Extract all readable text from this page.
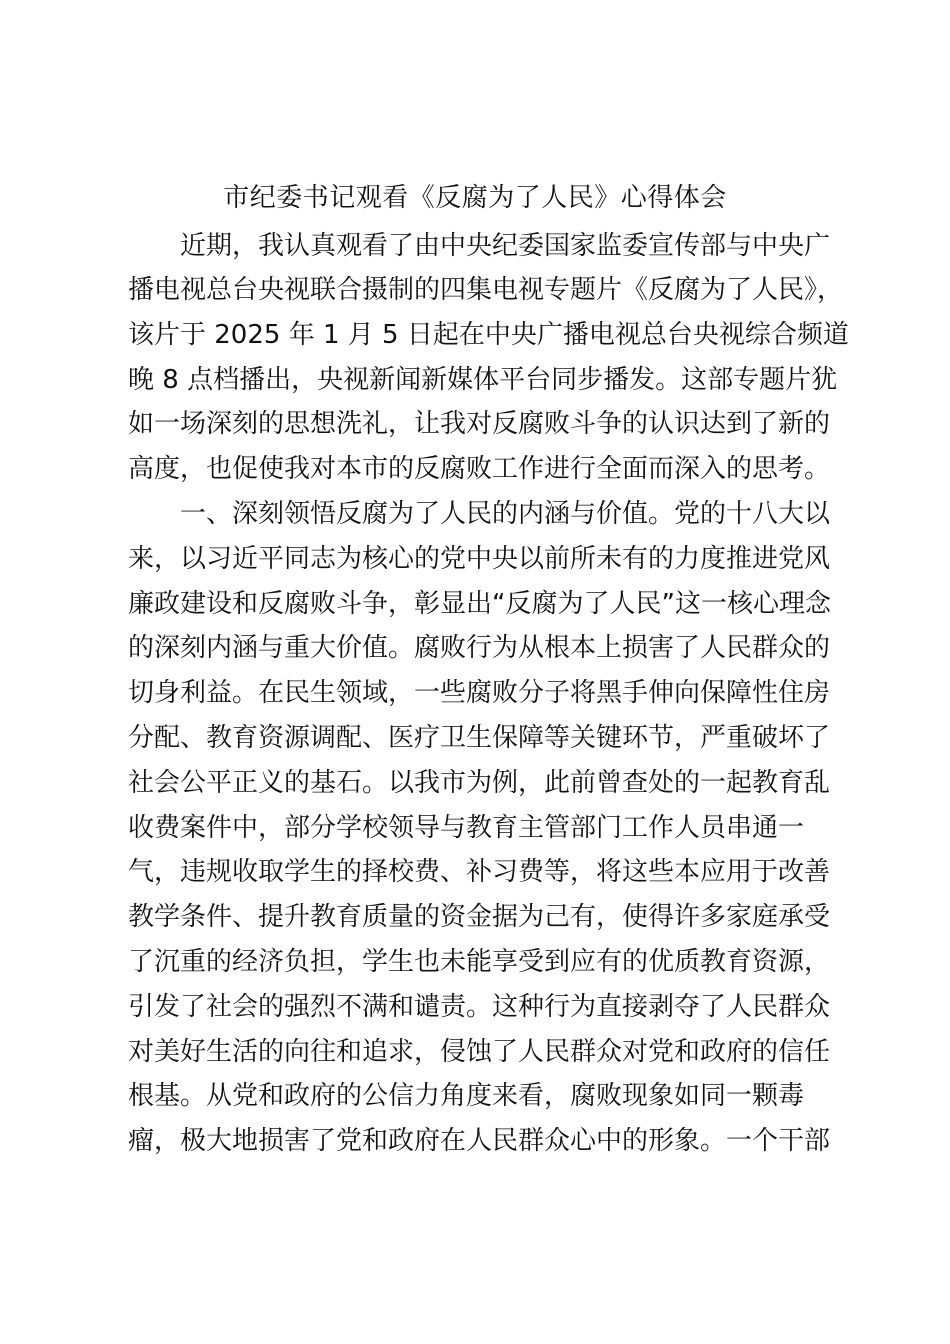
市纪委书记观看《反腐为了人民》心得体会
近期，我认真观看了由中央纪委国家监委宣传部与中央广
播电视总台央视联合摄制的四集电视专题片《反腐为了人民》，
该片于 2025 年 1 月 5 日起在中央广播电视总台央视综合频道
晚 8 点档播出，央视新闻新媒体平台同步播发。这部专题片犹
如一场深刻的思想洗礼，让我对反腐败斗争的认识达到了新的
高度，也促使我对本市的反腐败工作进行全面而深入的思考。
一、深刻领悟反腐为了人民的内涵与价值。党的十八大以
来，以习近平同志为核心的党中央以前所未有的力度推进党风
廉政建设和反腐败斗争，彰显出“反腐为了人民”这一核心理念
的深刻内涵与重大价值。腐败行为从根本上损害了人民群众的
切身利益。在民生领域，一些腐败分子将黑手伸向保障性住房
分配、教育资源调配、医疗卫生保障等关键环节，严重破坏了
社会公平正义的基石。以我市为例，此前曾查处的一起教育乱
收费案件中，部分学校领导与教育主管部门工作人员串通一
气，违规收取学生的择校费、补习费等，将这些本应用于改善
教学条件、提升教育质量的资金据为己有，使得许多家庭承受
了沉重的经济负担，学生也未能享受到应有的优质教育资源，
引发了社会的强烈不满和谴责。这种行为直接剥夺了人民群众
对美好生活的向往和追求，侵蚀了人民群众对党和政府的信任
根基。从党和政府的公信力角度来看，腐败现象如同一颗毒
瘤，极大地损害了党和政府在人民群众心中的形象。一个干部
